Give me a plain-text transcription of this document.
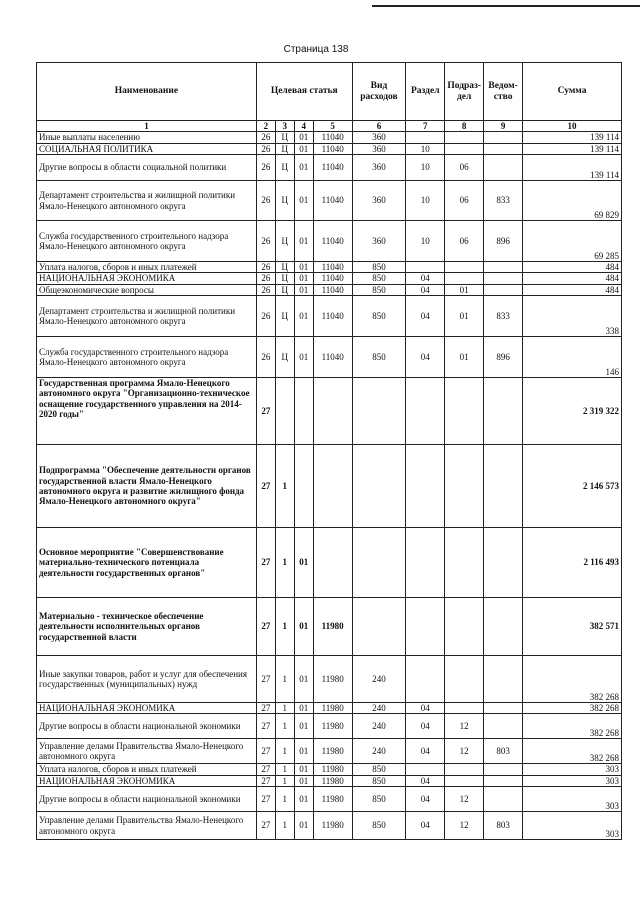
Страница 138
Наименование	Целевая статья				Вид расходов	Раздел	Подраз-дел	Ведом-ство	Сумма
1	2	3	4	5	6	7	8	9	10
Иные выплаты населению	26	Ц	01	11040	360				139 114
СОЦИАЛЬНАЯ ПОЛИТИКА	26	Ц	01	11040	360	10			139 114
Другие вопросы в области социальной политики	26	Ц	01	11040	360	10	06		139 114
Департамент строительства и жилищной политики Ямало-Ненецкого автономного округа	26	Ц	01	11040	360	10	06	833	69 829
Служба государственного строительного надзора Ямало-Ненецкого автономного округа	26	Ц	01	11040	360	10	06	896	69 285
Уплата налогов, сборов и иных платежей	26	Ц	01	11040	850				484
НАЦИОНАЛЬНАЯ ЭКОНОМИКА	26	Ц	01	11040	850	04			484
Общеэкономические вопросы	26	Ц	01	11040	850	04	01		484
Департамент строительства и жилищной политики Ямало-Ненецкого автономного округа	26	Ц	01	11040	850	04	01	833	338
Служба государственного строительного надзора Ямало-Ненецкого автономного округа	26	Ц	01	11040	850	04	01	896	146
Государственная программа Ямало-Ненецкого автономного округа "Организационно-техническое оснащение государственного управления на 2014-2020 годы"	27								2 319 322
Подпрограмма "Обеспечение деятельности органов государственной власти Ямало-Ненецкого автономного округа и развитие жилищного фонда Ямало-Ненецкого автономного округа"	27	1							2 146 573
Основное мероприятие "Совершенствование материально-технического потенциала деятельности государственных органов"	27	1	01						2 116 493
Материально - техническое обеспечение деятельности исполнительных органов государственной власти	27	1	01	11980					382 571
Иные закупки товаров, работ и услуг для обеспечения государственных (муниципальных) нужд	27	1	01	11980	240				382 268
НАЦИОНАЛЬНАЯ ЭКОНОМИКА	27	1	01	11980	240	04			382 268
Другие вопросы в области национальной экономики	27	1	01	11980	240	04	12		382 268
Управление делами Правительства Ямало-Ненецкого автономного округа	27	1	01	11980	240	04	12	803	382 268
Уплата налогов, сборов и иных платежей	27	1	01	11980	850				303
НАЦИОНАЛЬНАЯ ЭКОНОМИКА	27	1	01	11980	850	04			303
Другие вопросы в области национальной экономики	27	1	01	11980	850	04	12		303
Управление делами Правительства Ямало-Ненецкого автономного округа	27	1	01	11980	850	04	12	803	303
